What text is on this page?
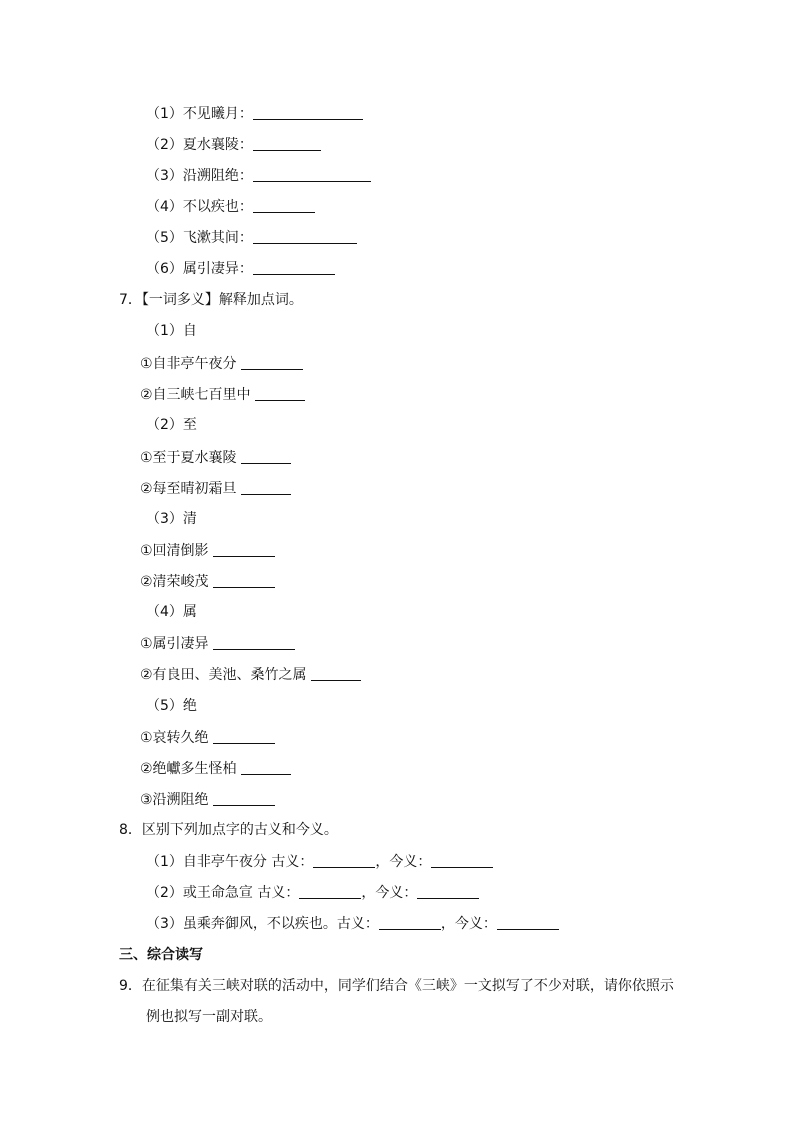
（1）不见曦月：
（2）夏水襄陵：
（3）沿溯阻绝：
（4）不以疾也：
（5）飞漱其间：
（6）属引凄异：
7．【一词多义】解释加点词。
（1）自
①自非亭午夜分
②自三峡七百里中
（2）至
①至于夏水襄陵
②每至晴初霜旦
（3）清
①回清倒影
②清荣峻茂
（4）属
①属引凄异
②有良田、美池、桑竹之属
（5）绝
①哀转久绝
②绝巘多生怪柏
③沿溯阻绝
8．区别下列加点字的古义和今义。
（1）自非亭午夜分 古义：	，今义：
（2）或王命急宣 古义：	，今义：
（3）虽乘奔御风，不以疾也。古义：	，今义：
三、综合读写
9．在征集有关三峡对联的活动中，同学们结合《三峡》一文拟写了不少对联，请你依照示
例也拟写一副对联。
